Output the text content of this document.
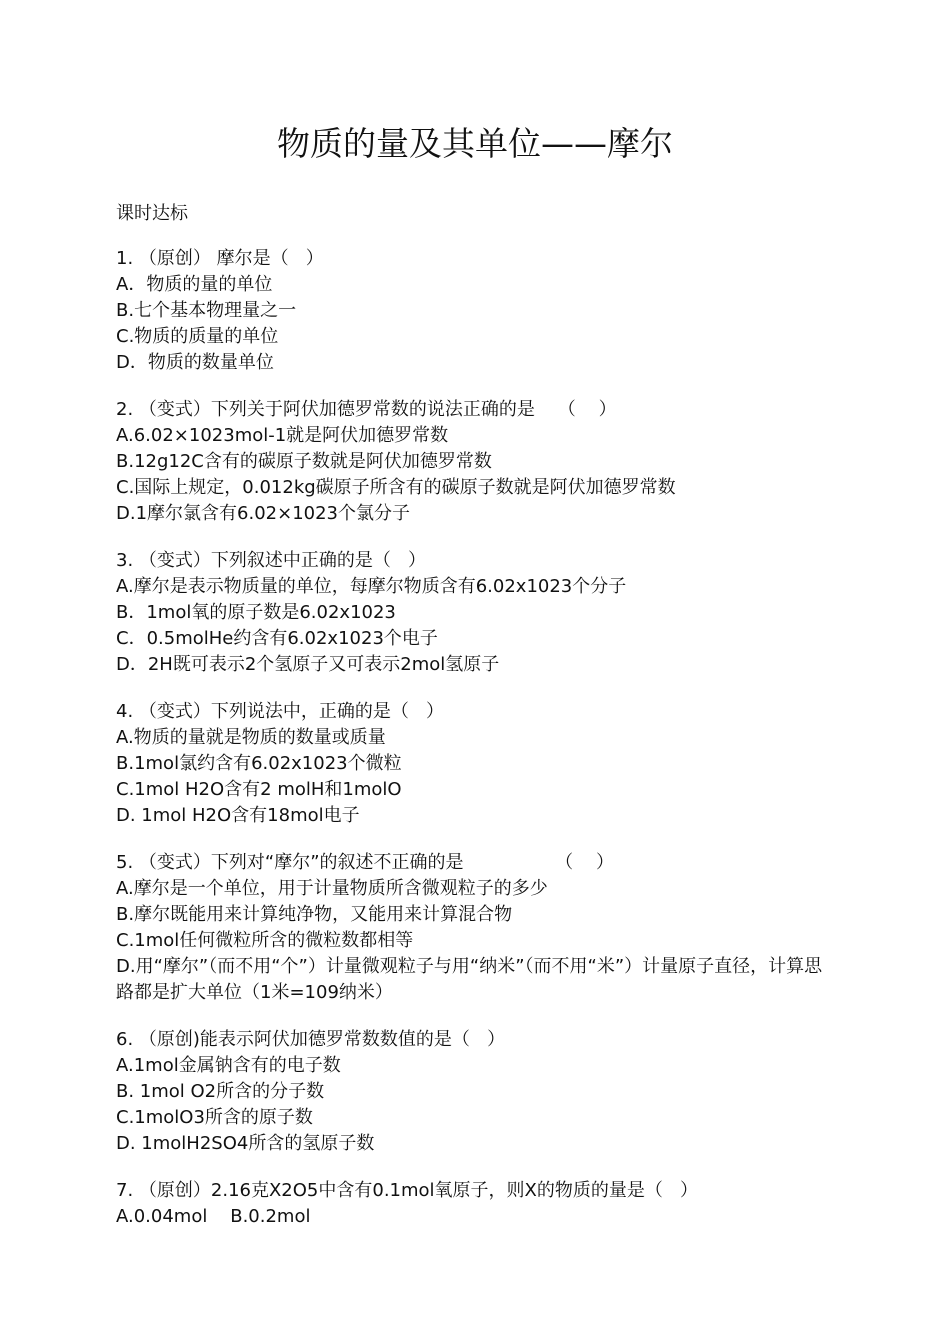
物质的量及其单位——摩尔
课时达标
1. （原创） 摩尔是（   ）
A．物质的量的单位
B.七个基本物理量之一
C.物质的质量的单位
D．物质的数量单位
2. （变式）下列关于阿伏加德罗常数的说法正确的是    （    ）
A.6.02×1023mol-1就是阿伏加德罗常数
B.12g12C含有的碳原子数就是阿伏加德罗常数
C.国际上规定，0.012kg碳原子所含有的碳原子数就是阿伏加德罗常数
D.1摩尔氯含有6.02×1023个氯分子
3. （变式）下列叙述中正确的是（   ）
A.摩尔是表示物质量的单位，每摩尔物质含有6.02x1023个分子
B．1mol氧的原子数是6.02x1023
C．0.5molHe约含有6.02x1023个电子
D．2H既可表示2个氢原子又可表示2mol氢原子
4. （变式）下列说法中，正确的是（   ）
A.物质的量就是物质的数量或质量
B.1mol氯约含有6.02x1023个微粒
C.1mol H2O含有2 molH和1molO
D. 1mol H2O含有18mol电子
5. （变式）下列对“摩尔”的叙述不正确的是                （    ）
A.摩尔是一个单位，用于计量物质所含微观粒子的多少
B.摩尔既能用来计算纯净物，又能用来计算混合物
C.1mol任何微粒所含的微粒数都相等
D.用“摩尔”（而不用“个”）计量微观粒子与用“纳米”（而不用“米”）计量原子直径，计算思路都是扩大单位（1米=109纳米）
6. （原创)能表示阿伏加德罗常数数值的是（   ）
A.1mol金属钠含有的电子数
B. 1mol O2所含的分子数
C.1molO3所含的原子数
D. 1molH2SO4所含的氢原子数
7. （原创）2.16克X2O5中含有0.1mol氧原子，则X的物质的量是（   ）
A.0.04mol    B.0.2mol
